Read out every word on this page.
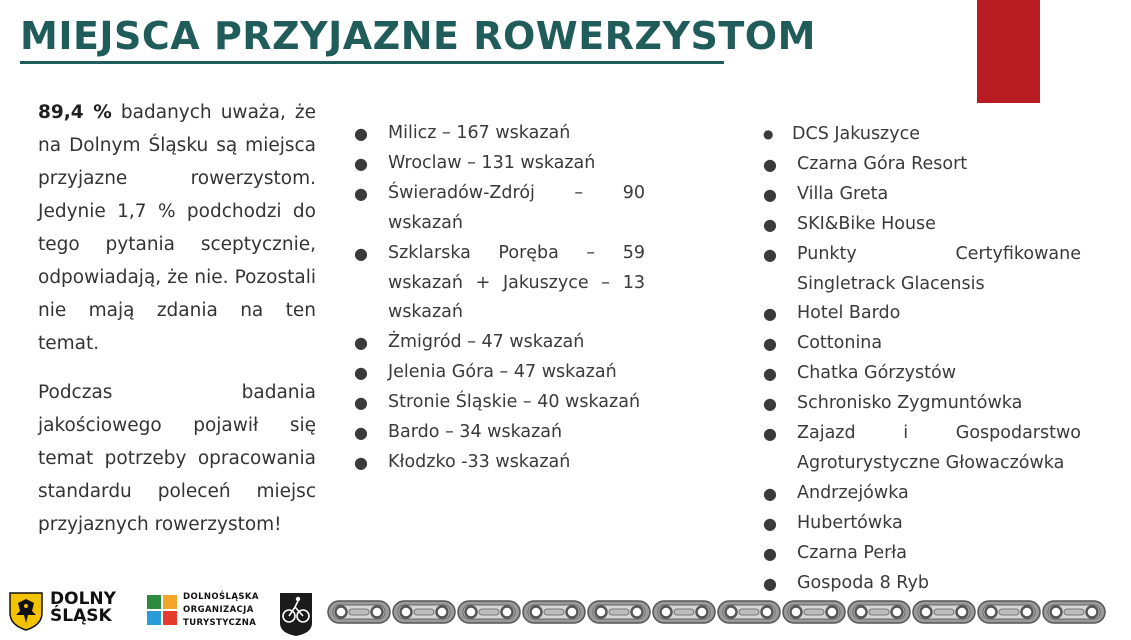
MIEJSCA PRZYJAZNE ROWERZYSTOM

89,4 % badanych uważa, że na Dolnym Śląsku są miejsca przyjazne rowerzystom. Jedynie 1,7 % podchodzi do tego pytania sceptycznie, odpowiadają, że nie. Pozostali nie mają zdania na ten temat.

Podczas badania jakościowego pojawił się temat potrzeby opracowania standardu poleceń miejsc przyjaznych rowerzystom!

●	Milicz – 167 wskazań
●	Wroclaw – 131 wskazań
●	Świeradów-Zdrój – 90 wskazań
●	Szklarska Poręba – 59 wskazań + Jakuszyce – 13 wskazań
●	Żmigród – 47 wskazań
●	Jelenia Góra – 47 wskazań
●	Stronie Śląskie – 40 wskazań
●	Bardo – 34 wskazań
●	Kłodzko -33 wskazań
●	DCS Jakuszyce
●	Czarna Góra Resort
●	Villa Greta
●	SKI&Bike House
●	Punkty Certyfikowane Singletrack Glacensis
●	Hotel Bardo
●	Cottonina
●	Chatka Górzystów
●	Schronisko Zygmuntówka
●	Zajazd i Gospodarstwo Agroturystyczne Głowaczówka
●	Andrzejówka
●	Hubertówka
●	Czarna Perła
●	Gospoda 8 Ryb
DOLNY
ŚLĄSK
DOLNOŚLĄSKA
ORGANIZACJA
TURYSTYCZNA
